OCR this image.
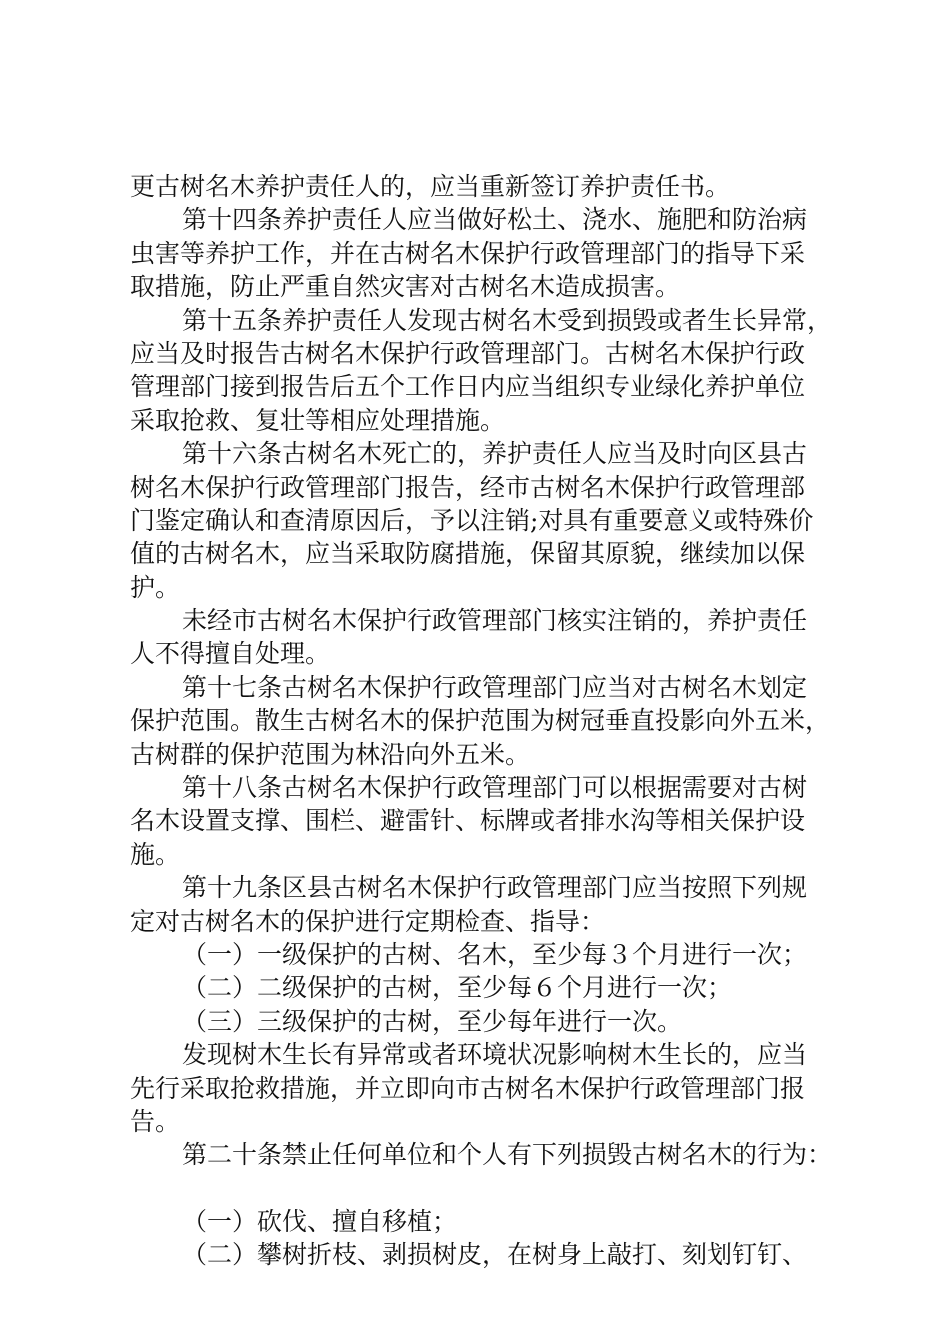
更古树名木养护责任人的，应当重新签订养护责任书。
第十四条养护责任人应当做好松土、浇水、施肥和防治病
虫害等养护工作，并在古树名木保护行政管理部门的指导下采
取措施，防止严重自然灾害对古树名木造成损害。
第十五条养护责任人发现古树名木受到损毁或者生长异常，
应当及时报告古树名木保护行政管理部门。古树名木保护行政
管理部门接到报告后五个工作日内应当组织专业绿化养护单位
采取抢救、复壮等相应处理措施。
第十六条古树名木死亡的，养护责任人应当及时向区县古
树名木保护行政管理部门报告，经市古树名木保护行政管理部
门鉴定确认和查清原因后，予以注销;对具有重要意义或特殊价
值的古树名木，应当采取防腐措施，保留其原貌，继续加以保
护。
未经市古树名木保护行政管理部门核实注销的，养护责任
人不得擅自处理。
第十七条古树名木保护行政管理部门应当对古树名木划定
保护范围。散生古树名木的保护范围为树冠垂直投影向外五米，
古树群的保护范围为林沿向外五米。
第十八条古树名木保护行政管理部门可以根据需要对古树
名木设置支撑、围栏、避雷针、标牌或者排水沟等相关保护设
施。
第十九条区县古树名木保护行政管理部门应当按照下列规
定对古树名木的保护进行定期检查、指导：
（一）一级保护的古树、名木，至少每３个月进行一次；
（二）二级保护的古树，至少每６个月进行一次；
（三）三级保护的古树，至少每年进行一次。
发现树木生长有异常或者环境状况影响树木生长的，应当
先行采取抢救措施，并立即向市古树名木保护行政管理部门报
告。
第二十条禁止任何单位和个人有下列损毁古树名木的行为：
（一）砍伐、擅自移植；
（二）攀树折枝、剥损树皮，在树身上敲打、刻划钉钉、
